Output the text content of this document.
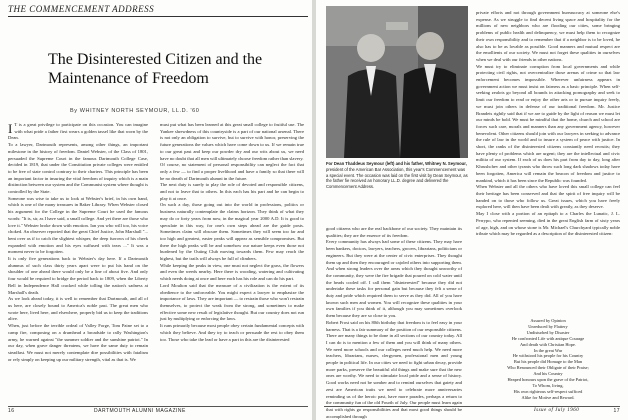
THE COMMENCEMENT ADDRESS
The Disinterested Citizen and the Maintenance of Freedom
By WHITNEY NORTH SEYMOUR, LL.D. '60

I T is a great privilege to participate on this occasion. You can imagine with what pride a father first wears a golden tassel like that worn by the Dean.

To a lawyer, Dartmouth represents, among other things, an important milestone in the history of freedom. Daniel Webster, of the Class of 1801, persuaded the Supreme Court in the famous Dartmouth College Case, decided in 1819, that under the Constitution private colleges were entitled to be free of state control contrary to their charters. This principle has been an important factor in insuring the vital freedom of inquiry which is a main distinction between our system and the Communist system where thought is controlled by the State.

Someone was wise to take us to look at Webster's brief, in his own hand, which is one of the many treasures in Baker Library. When Webster closed his argument for the College in the Supreme Court he used the famous words: "It is, sir, as I have said, a small college. And yet there are those who love it." Webster broke down with emotion. Ian you who will too, his voice choked. An observer reported that the great Chief Justice, John Marshall "... bent over as if to catch the slightest whisper, the deep furrows of his cheek expanded with emotion and his eyes suffused with tears ..." It was a moment never to be forgotten.

It is only five generations back to Webster's day here. If a Dartmouth alumnus of such class thirty years apart were to put his hand on the shoulder of one ahead there would only be a line of about five. And only four would be required to bridge the period back to 1809, when the Liberty Bell in Independence Hall cracked while tolling the nation's sadness at Marshall's death.

As we look ahead today, it is well to remember that Dartmouth, and all of us here, are closely bound to America's noble past. The great men who wrote here, lived here, and elsewhere, properly bid us to keep the traditions alive.

When, just before the terrible ordeal of Valley Forge, Tom Paine set to a camp fire, composing on a drumhead a broadside to rally Washington's army, he warned against "the summer soldier and the sunshine patriot." In our day, when grave danger threatens, we have the same duty to remain steadfast. We must not merely contemplate dire possibilities with fatalism or rely simply on keeping up our military strength, vital as that is. We

must put what has been learned at this great small college to fruitful use. The Yankee shrewdness of this countryside is a part of our national arsenal. There is not only an obligation to survive, but to survive with honor, preserving the future generations the values which have come down to us. If we remain true to our great past and keep our powder dry and our wits about us, we need have no doubt that all men will ultimately choose freedom rather than slavery.

Of course, no statement of personal responsibility can neglect the fact that only a few — to find a proper livelihood and have a family so that there will be no dearth of Dartmouth alumni in the future.

The next duty is surely to play the role of devoted and responsible citizens, and not to leave that to others. In this each has his part and he can begin to play it at once.

On such a day, those going out into the world in professions, politics or business naturally contemplate the claims horizon. They think of what they may do or forty years from now, in the magical year 2000 A.D. It is good to speculate in this way, for one's own steps ahead are the guide posts. Sometimes claim will obscure them. Sometimes they will seem too far and too high and greatest, easier peaks will appear as sensible compromises. But there the high peaks will be and somehow our nature keeps even those not burdened by the Outing Club moving towards them. Few may reach the highest, but the trails will always be full of climbers.

While keeping the peaks in view, one must not neglect the grass, the flowers and even the weeds nearby. Here there is wooding, watering and cultivating which needs doing at once and here each has his role and can do his part.

Lord Moulton said that the measure of a civilization is the extent of its obedience to the unforceable. You might expect a lawyer to emphasize the importance of laws. They are important — to restrain those who won't restrain themselves, to protect the weak from the strong, and sometimes to make effective some new result of legislative thought. But our country does not run just by multiplying or enforcing the laws.

It runs primarily because most people obey certain fundamental concepts with which they believe. And they try to teach or persuade the rest to obey them too. Those who take the lead or have a part in this are the disinterested

16	DARTMOUTH ALUMNI MAGAZINE
For Dean Thaddeus Seymour (left) and his father, Whitney N. Seymour, president of the American Bar Association, this year's Commencement was a special event. The occasion was laid on the first visit by Dean Seymour, as the father fie received an honorary LL.D. degree and delivered the Commencement Address.

good citizens who are the real backbone of our society. They maintain its qualities; they are the essence of its freedom.

Every community has always had some of these citizens. They may have been bankers, doctors, lawyers, teachers, grocers, librarians, politicians or engineers. But they were at the center of civic enterprises. They thought them up and then they encouraged or cajoled others into supporting them. And when strong leaders over the areas which they thought unworthy of the community, they were the fire brigade that poured on cold water until the heads cooled off. I call them "disinterested" because they did not undertake these tasks for personal gain but because they felt a sense of duty and pride which required them to serve as they did. All of you have known such men and women. You will recognize these qualities in your own families if you think of it, although you may sometimes overlook them because they are so close to you.

Robert Frost said on his 80th birthday that freedom is to feel easy in your harness. That is a fair summary of the position of our responsible citizens.

There are many things to be done in all sections of our country today. All I can do is to mention a few of them and you will think of many others. We need more schools and our colleges need much help. We need more teachers, librarians, nurses, clergymen, professional men and young people in political life. In our cities we need to fight urban decay, provide more parks, preserve the beautiful old things and make sure that the new ones are worthy. We need to stimulate local pride and a sense of history. Good works need not be somber and to remind ourselves that gaiety and zest are American traits we need to celebrate more anniversaries reminding us of the heroic past, have more parades, perhaps a return to the community fun of the old Fourth of July. Our people must learn again that with rights go responsibilities and that most good things should be accomplished through

private efforts and not through government bureaucracy at someone else's expense. As we struggle to find decent living space and hospitality for the millions of new neighbors who are flooding our cities, some bringing problems of public health and delinquency, we must help them to recognize their own responsibility and to remember that if a neighbor is to be loved, he also has to be as lovable as possible. Good manners and mutual respect are the emollients of our society. We must not forget these qualities in ourselves when we deal with our friends in other nations.

We must try to eliminate corruption from local governments and while protecting civil rights, not overcentralize those arenas of crime so that law enforcement becomes impossible. Wherever unfairness appears in government action we must insist on fairness as a basic principle. When self-seeking zealots go beyond all bounds in attacking pornography and seek to limit our freedom to read or enjoy the other arts or to pursue inquiry freely, we must join others in defense of our traditional freedom. Mr. Justice Brandeis rightly said that if we are to guide by the light of reason we must let our minds be bold. We must be mindful that the home, church and school are forces such care, morals and manners than any government agency, however benevolent. Other citizens should join with our lawyers in seeking to advance the rule of law in the world and to insure a system of peace with justice. In short, the ranks of the disinterested citizens constantly need recruits; they have plenty of problems which are urgent; they are the intellectual and civic militia of our system. If each of us does his part from day to day, long after Khrushchev and other tyrants who throw such long dark shadows today have been forgotten, America will remain the beacon of freedom and justice to mankind, which it has been since the Republic was founded.

When Webster and all the others who have loved this small college can feel their heritage has been conserved and that the spirit of free inquiry will be handed on to those who follow us. Great issues, which you have freely explored here, will then have been dealt with greatly, as they deserve.

May I close with a portion of an epitaph to a Charles the Lunatic, J. L. Perrypo, who repented seeming, died in the great English farm of sixty years of age, high, and on whose stone is Mr. Michael's Churchyard typically noble tribute which may be regarded as a description of the disinterested citizen:

Assured by Opinion
Unreduced by Flattery
Undisturbed by Disaster
He confronted Life with antique Courage
And death with Christian Hope.
In the great War
He withstood his people for his Country
But his people did Homage to the Man
Who Renounced their Obligate of their Praise;
And his Country
Heaped honours upon the grave of the Patriot,
To Whom, living,
His own righteous self-respect sufficed
Alike for Motive and Reward.
Issue of July 1960	17
